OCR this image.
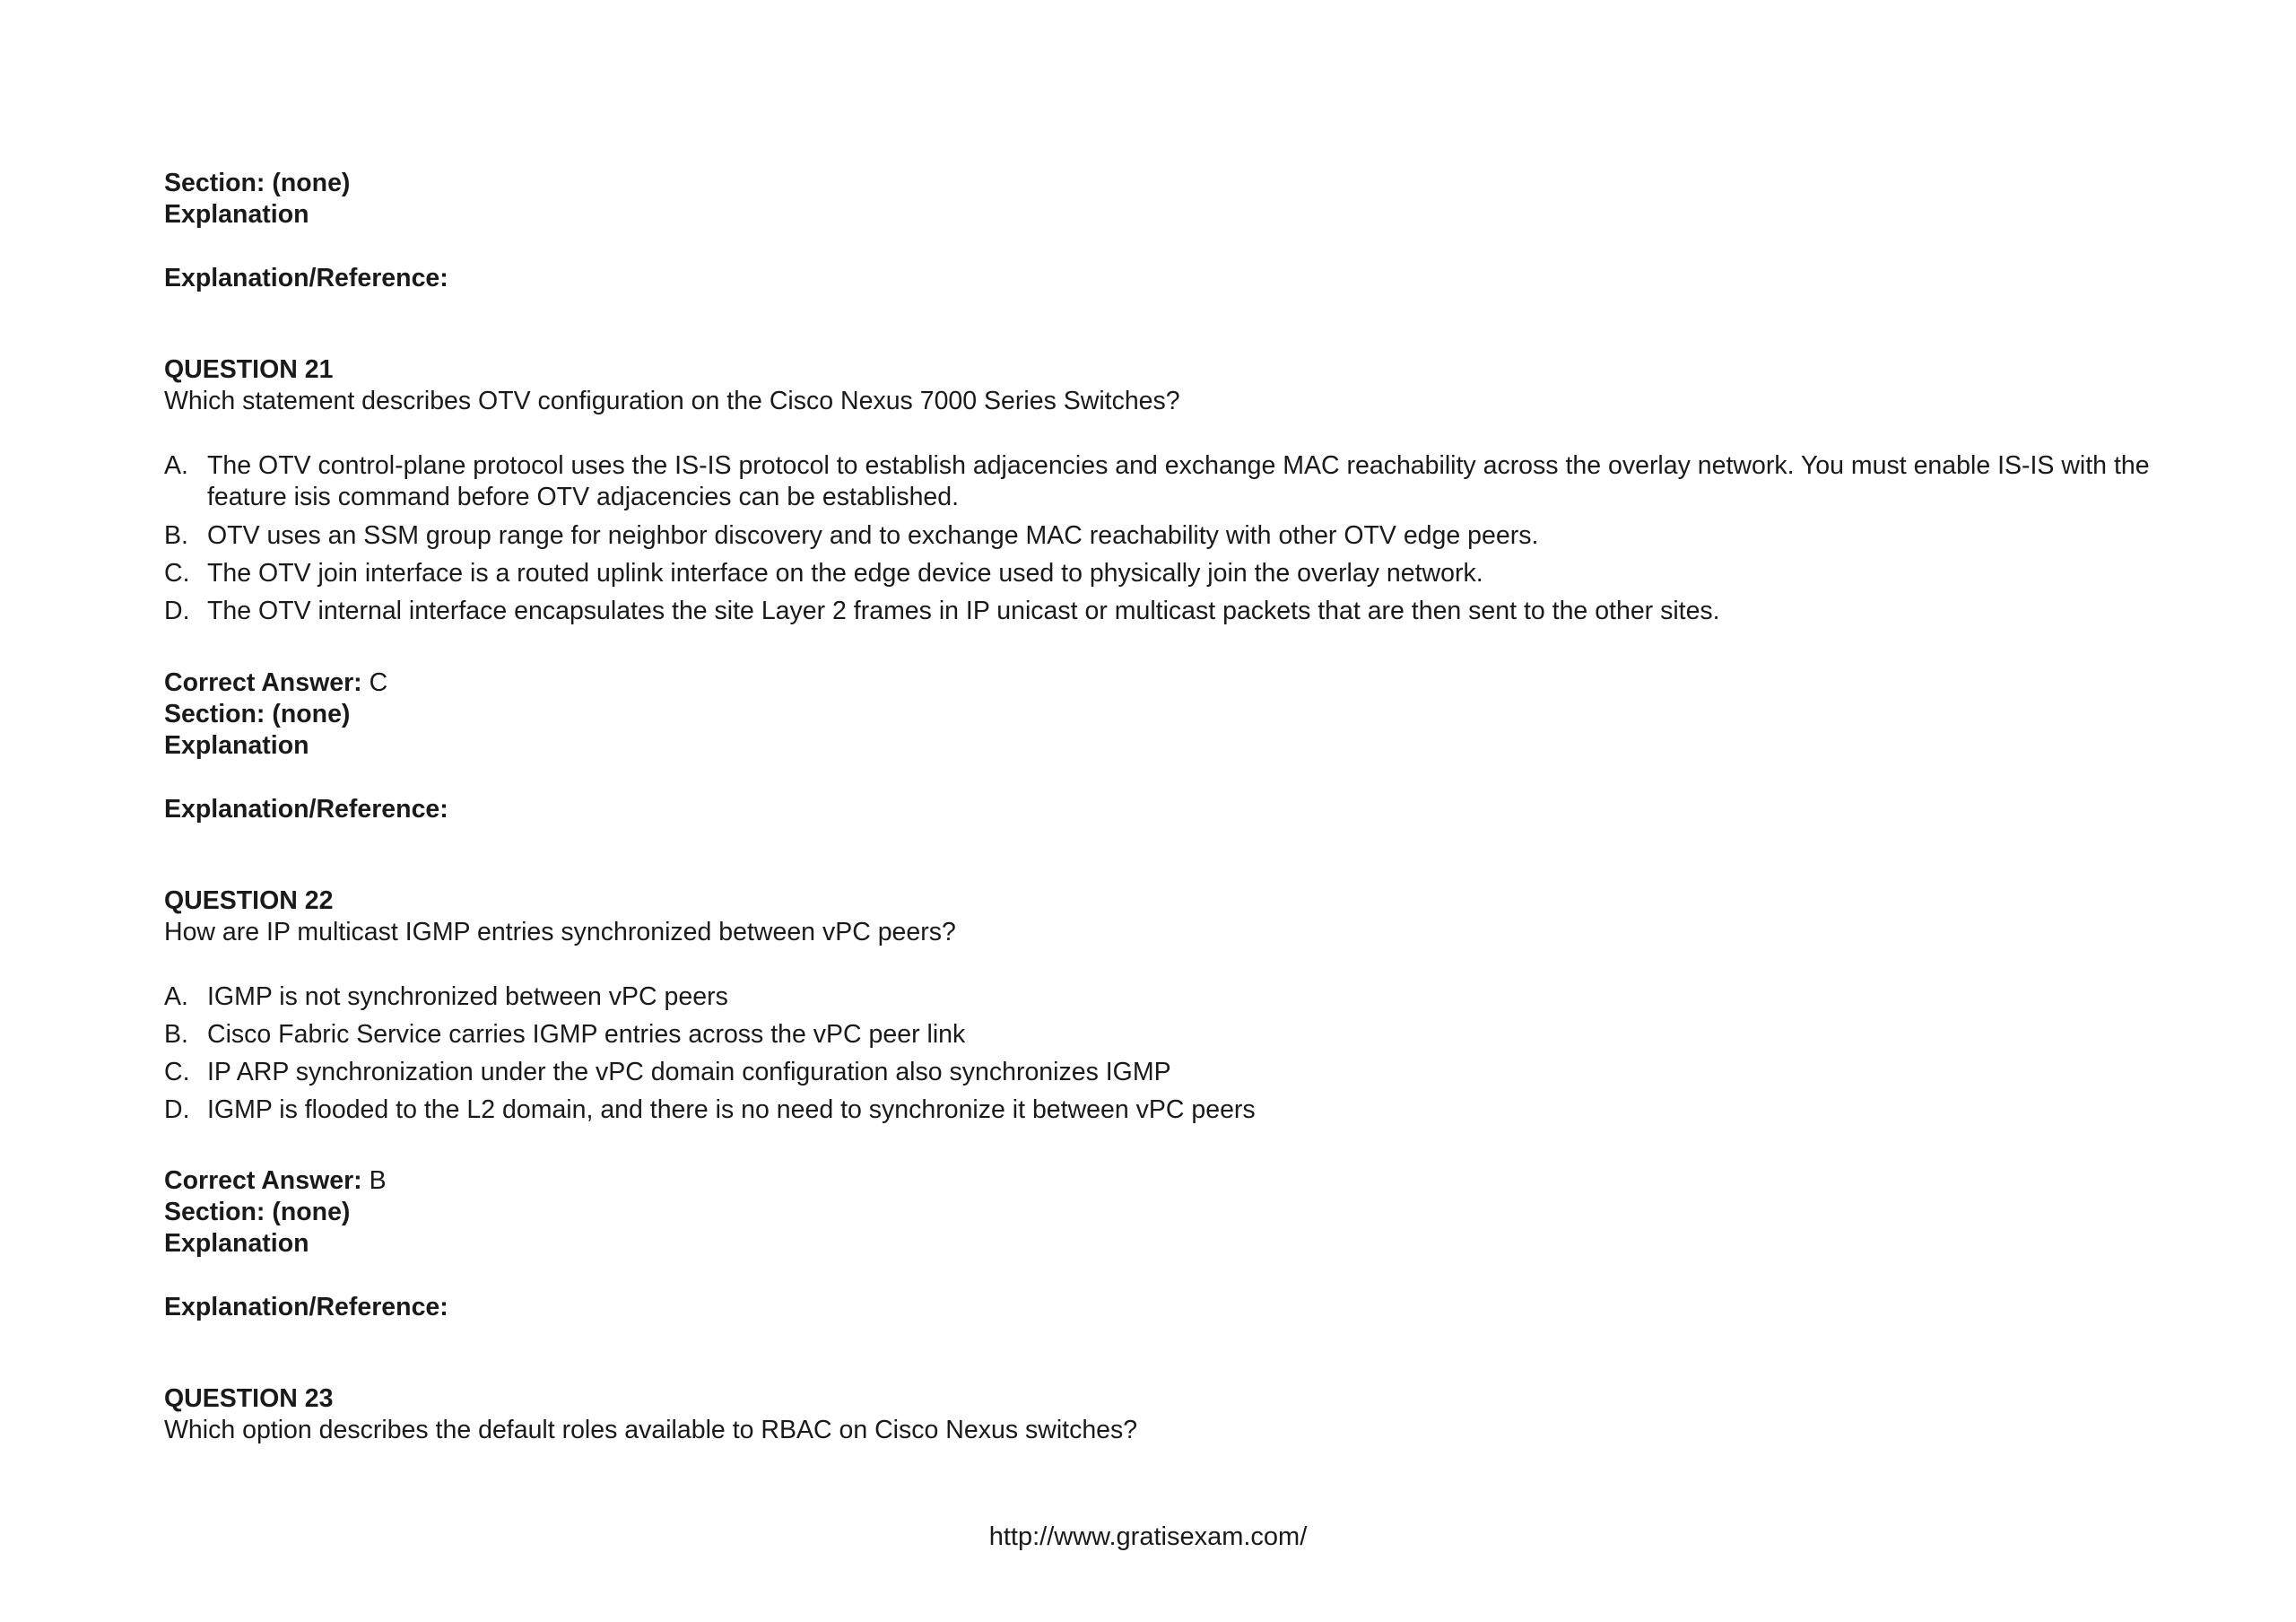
Section: (none)
Explanation
Explanation/Reference:
QUESTION 21
Which statement describes OTV configuration on the Cisco Nexus 7000 Series Switches?
A. The OTV control-plane protocol uses the IS-IS protocol to establish adjacencies and exchange MAC reachability across the overlay network. You must enable IS-IS with the feature isis command before OTV adjacencies can be established.
B. OTV uses an SSM group range for neighbor discovery and to exchange MAC reachability with other OTV edge peers.
C. The OTV join interface is a routed uplink interface on the edge device used to physically join the overlay network.
D. The OTV internal interface encapsulates the site Layer 2 frames in IP unicast or multicast packets that are then sent to the other sites.
Correct Answer: C
Section: (none)
Explanation
Explanation/Reference:
QUESTION 22
How are IP multicast IGMP entries synchronized between vPC peers?
A. IGMP is not synchronized between vPC peers
B. Cisco Fabric Service carries IGMP entries across the vPC peer link
C. IP ARP synchronization under the vPC domain configuration also synchronizes IGMP
D. IGMP is flooded to the L2 domain, and there is no need to synchronize it between vPC peers
Correct Answer: B
Section: (none)
Explanation
Explanation/Reference:
QUESTION 23
Which option describes the default roles available to RBAC on Cisco Nexus switches?
http://www.gratisexam.com/
